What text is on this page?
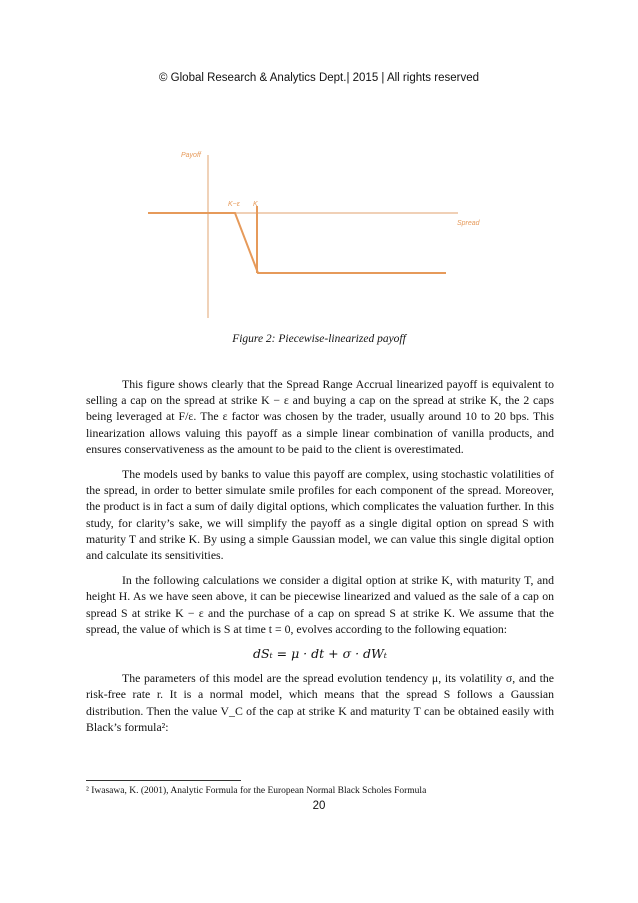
© Global Research & Analytics Dept.| 2015 | All rights reserved
Payoff
Spread
K−ε K
Figure 2: Piecewise-linearized payoff

This figure shows clearly that the Spread Range Accrual linearized payoff is equivalent to selling a cap on the spread at strike K − ε and buying a cap on the spread at strike K, the 2 caps being leveraged at F/ε. The ε factor was chosen by the trader, usually around 10 to 20 bps. This linearization allows valuing this payoff as a simple linear combination of vanilla products, and ensures conservativeness as the amount to be paid to the client is overestimated.

The models used by banks to value this payoff are complex, using stochastic volatilities of the spread, in order to better simulate smile profiles for each component of the spread. Moreover, the product is in fact a sum of daily digital options, which complicates the valuation further. In this study, for clarity’s sake, we will simplify the payoff as a single digital option on spread S with maturity T and strike K. By using a simple Gaussian model, we can value this single digital option and calculate its sensitivities.

In the following calculations we consider a digital option at strike K, with maturity T, and height H. As we have seen above, it can be piecewise linearized and valued as the sale of a cap on spread S at strike K − ε and the purchase of a cap on spread S at strike K. We assume that the spread, the value of which is S at time t = 0, evolves according to the following equation:

dSₜ = μ · dt + σ · dWₜ

The parameters of this model are the spread evolution tendency μ, its volatility σ, and the risk-free rate r. It is a normal model, which means that the spread S follows a Gaussian distribution. Then the value V_C of the cap at strike K and maturity T can be obtained easily with Black’s formula²:

² Iwasawa, K. (2001), Analytic Formula for the European Normal Black Scholes Formula
20
